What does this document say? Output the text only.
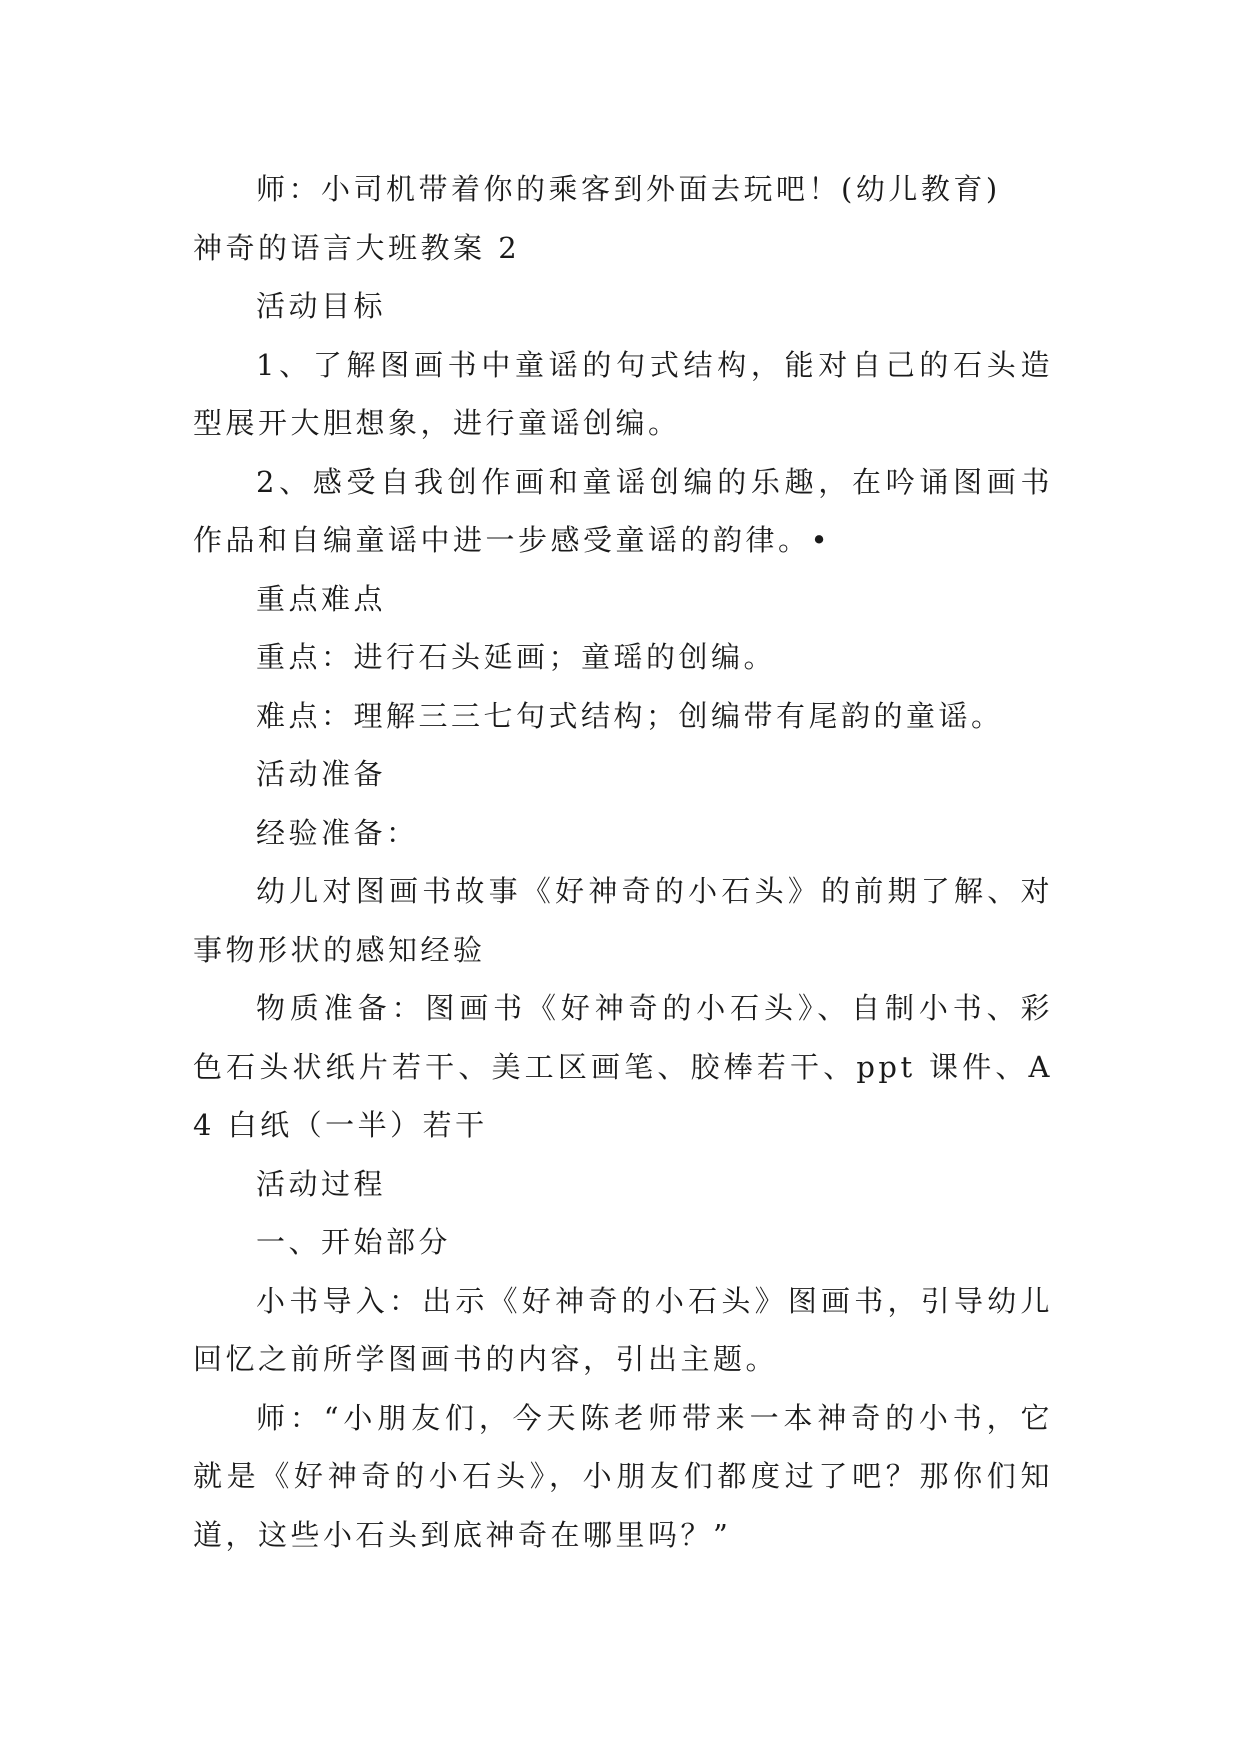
师：小司机带着你的乘客到外面去玩吧！(幼儿教育)

神奇的语言大班教案 2

活动目标

1、了解图画书中童谣的句式结构，能对自己的石头造型展开大胆想象，进行童谣创编。

2、感受自我创作画和童谣创编的乐趣，在吟诵图画书作品和自编童谣中进一步感受童谣的韵律。•

重点难点

重点：进行石头延画；童瑶的创编。

难点：理解三三七句式结构；创编带有尾韵的童谣。

活动准备

经验准备：

幼儿对图画书故事《好神奇的小石头》的前期了解、对事物形状的感知经验

物质准备：图画书《好神奇的小石头》、自制小书、彩色石头状纸片若干、美工区画笔、胶棒若干、ppt 课件、A4 白纸（一半）若干

活动过程

一、开始部分

小书导入：出示《好神奇的小石头》图画书，引导幼儿回忆之前所学图画书的内容，引出主题。

师：“小朋友们，今天陈老师带来一本神奇的小书，它就是《好神奇的小石头》，小朋友们都度过了吧？那你们知道，这些小石头到底神奇在哪里吗？”
